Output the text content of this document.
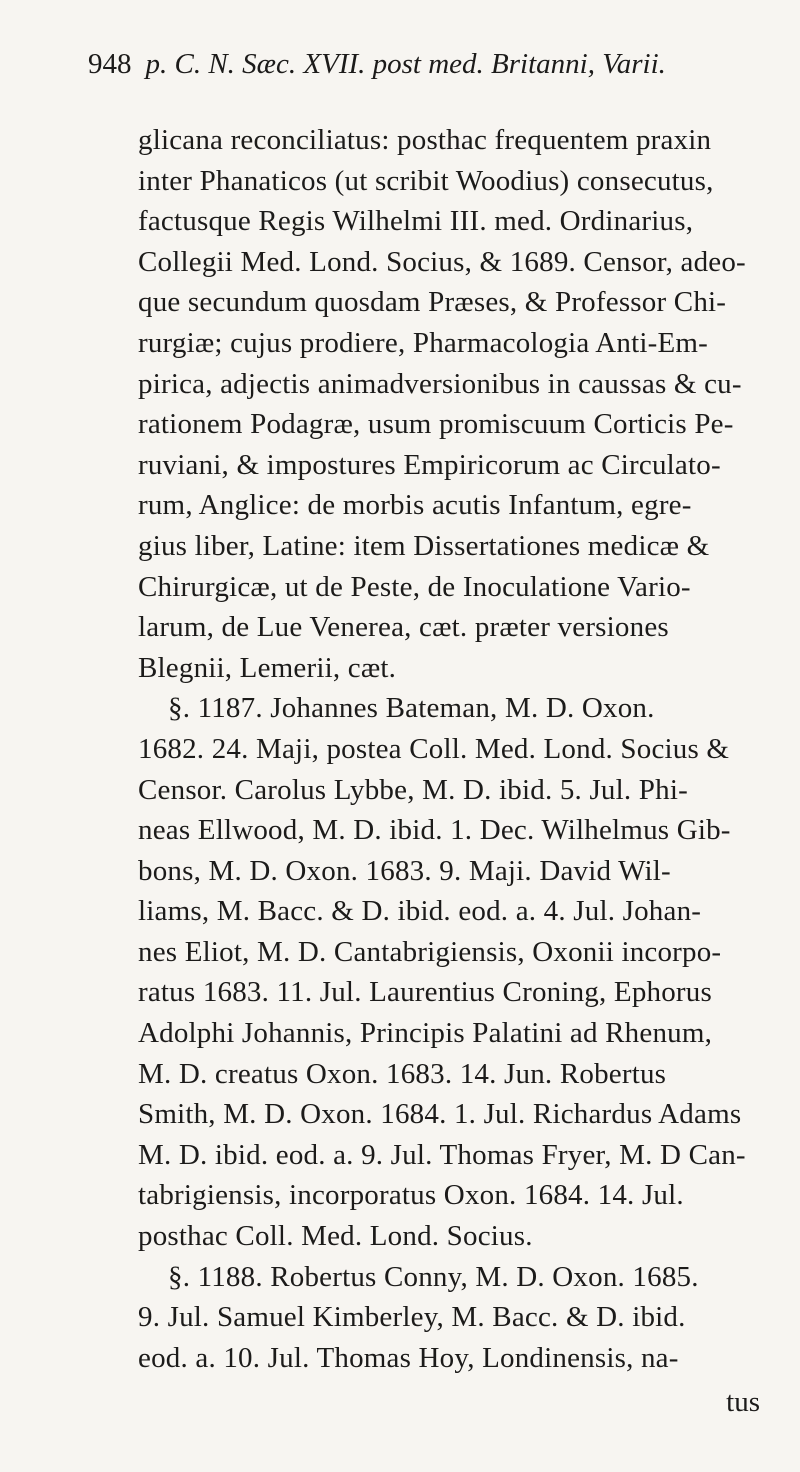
948 p. C. N. Sæc. XVII. post med. Britanni, Varii.
glicana reconciliatus: posthac frequentem praxin
inter Phanaticos (ut scribit Woodius) consecutus,
factusque Regis Wilhelmi III. med. Ordinarius,
Collegii Med. Lond. Socius, & 1689. Censor, adeo-
que secundum quosdam Præses, & Professor Chi-
rurgiæ; cujus prodiere, Pharmacologia Anti-Em-
pirica, adjectis animadversionibus in caussas & cu-
rationem Podagræ, usum promiscuum Corticis Pe-
ruviani, & impostures Empiricorum ac Circulato-
rum, Anglice: de morbis acutis Infantum, egre-
gius liber, Latine: item Dissertationes medicæ &
Chirurgicæ, ut de Peste, de Inoculatione Vario-
larum, de Lue Venerea, cæt. præter versiones
Blegnii, Lemerii, cæt.
§. 1187. Johannes Bateman, M. D. Oxon.
1682. 24. Maji, postea Coll. Med. Lond. Socius &
Censor. Carolus Lybbe, M. D. ibid. 5. Jul. Phi-
neas Ellwood, M. D. ibid. 1. Dec. Wilhelmus Gib-
bons, M. D. Oxon. 1683. 9. Maji. David Wil-
liams, M. Bacc. & D. ibid. eod. a. 4. Jul. Johan-
nes Eliot, M. D. Cantabrigiensis, Oxonii incorpo-
ratus 1683. 11. Jul. Laurentius Croning, Ephorus
Adolphi Johannis, Principis Palatini ad Rhenum,
M. D. creatus Oxon. 1683. 14. Jun. Robertus
Smith, M. D. Oxon. 1684. 1. Jul. Richardus Adams
M. D. ibid. eod. a. 9. Jul. Thomas Fryer, M. D Can-
tabrigiensis, incorporatus Oxon. 1684. 14. Jul.
posthac Coll. Med. Lond. Socius.
§. 1188. Robertus Conny, M. D. Oxon. 1685.
9. Jul. Samuel Kimberley, M. Bacc. & D. ibid.
eod. a. 10. Jul. Thomas Hoy, Londinensis, na-
tus
